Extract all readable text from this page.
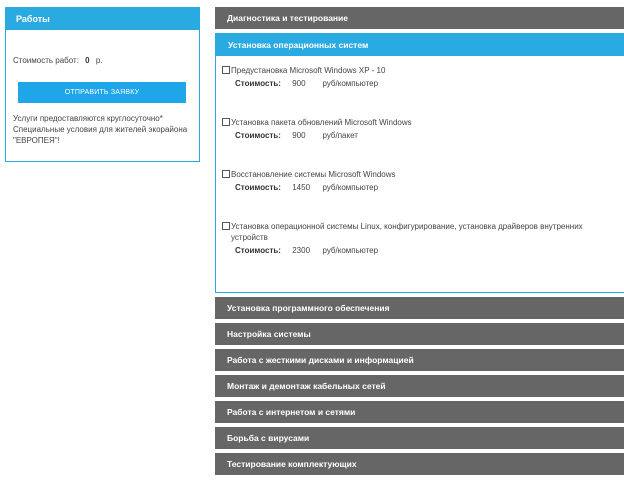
Работы
Стоимость работ: 0 р.
ОТПРАВИТЬ ЗАЯВКУ
Услуги предоставляются круглосуточно*
Специальные условия для жителей экорайона "ЕВРОПЕЯ"!
Диагностика и тестирование
Установка операционных систем
Предустановка Microsoft Windows XP - 10
Стоимость: 900 руб/компьютер
Установка пакета обновлений Microsoft Windows
Стоимость: 900 руб/пакет
Восстановление системы Microsoft Windows
Стоимость: 1450 руб/компьютер
Установка операционной системы Linux, конфигурирование, установка драйверов внутренних устройств
Стоимость: 2300 руб/компьютер
Установка программного обеспечения
Настройка системы
Работа с жесткими дисками и информацией
Монтаж и демонтаж кабельных сетей
Работа с интернетом и сетями
Борьба с вирусами
Тестирование комплектующих
